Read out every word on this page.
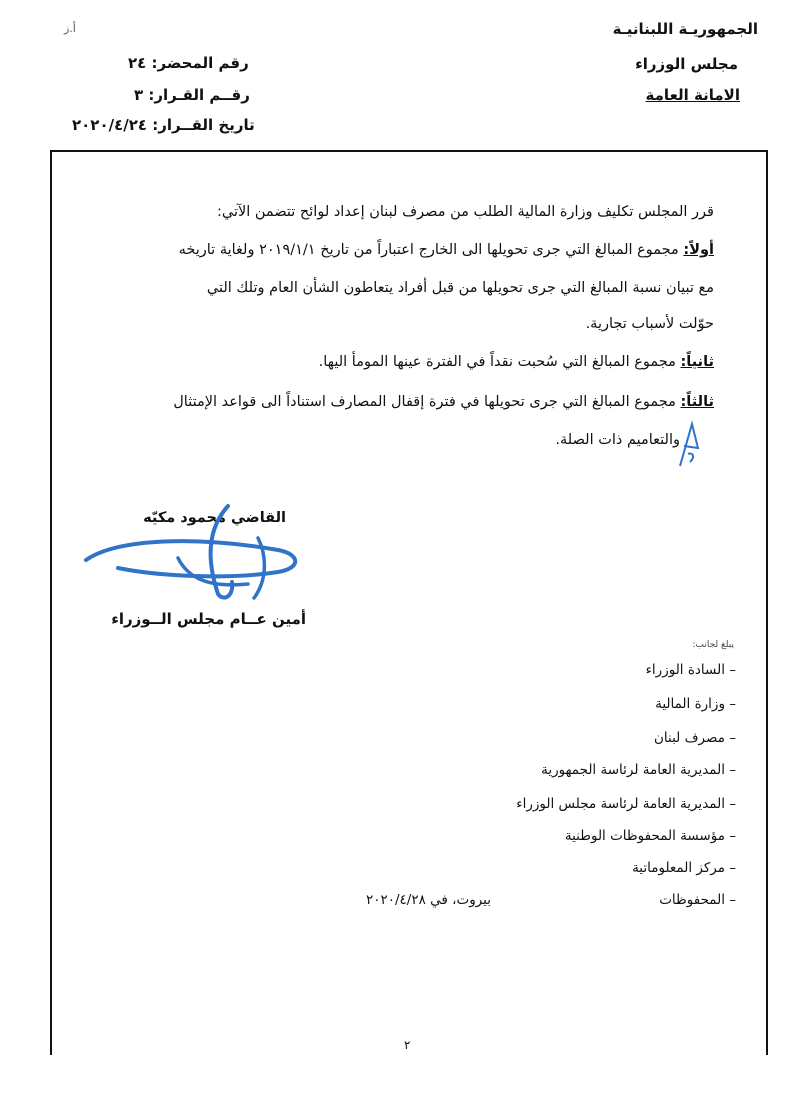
الجمهوريـة اللبنانيـة
مجلس الوزراء
الامانة العامة
أ.ز
رقم المحضر: ٢٤
رقــم القـرار: ٣
تاريخ القــرار: ٢٠٢٠/٤/٢٤
قرر المجلس تكليف وزارة المالية الطلب من مصرف لبنان إعداد لوائح تتضمن الآتي:
أولاً: مجموع المبالغ التي جرى تحويلها الى الخارج اعتباراً من تاريخ ٢٠١٩/١/١ ولغاية تاريخه
مع تبيان نسبة المبالغ التي جرى تحويلها من قبل أفراد يتعاطون الشأن العام وتلك التي
حوّلت لأسباب تجارية.
ثانياً: مجموع المبالغ التي سُحبت نقداً في الفترة عينها المومأ اليها.
ثالثاً: مجموع المبالغ التي جرى تحويلها في فترة إقفال المصارف استناداً الى قواعد الإمتثال
والتعاميم ذات الصلة.
القاضي محمود مكيّه
أمين عــام مجلس الــوزراء
يبلغ لجانب:
– السادة الوزراء
– وزارة المالية
– مصرف لبنان
– المديرية العامة لرئاسة الجمهورية
– المديرية العامة لرئاسة مجلس الوزراء
– مؤسسة المحفوظات الوطنية
– مركز المعلوماتية
– المحفوظات
بيروت، في ٢٠٢٠/٤/٢٨
٢
